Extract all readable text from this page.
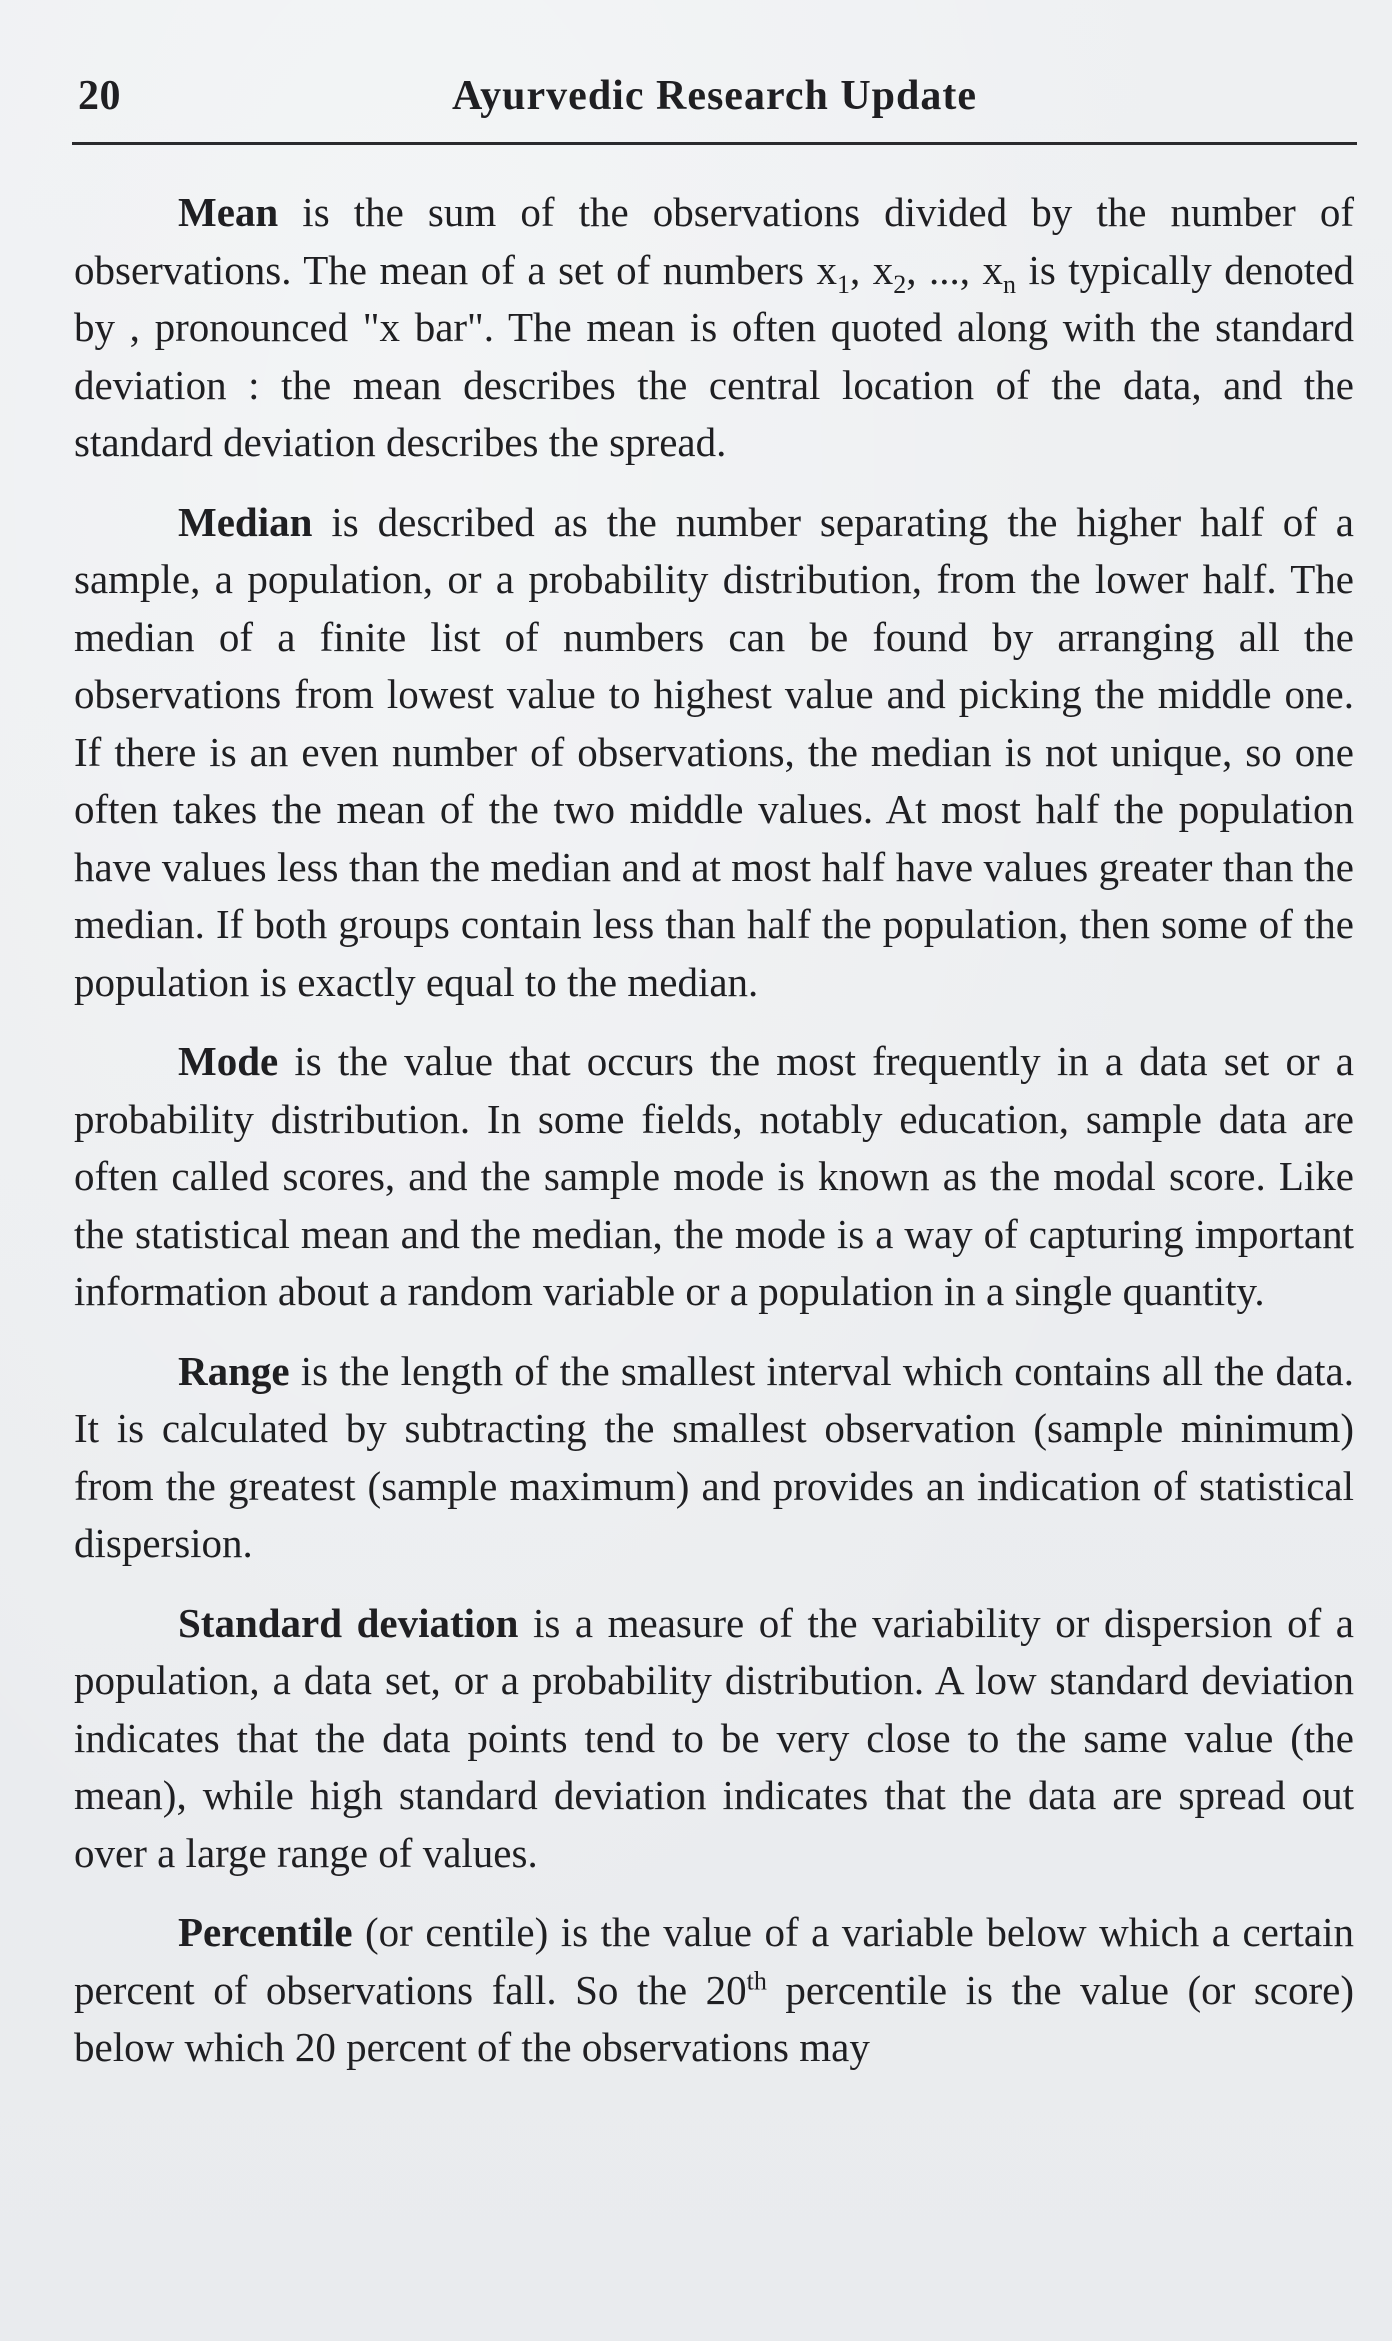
20	Ayurvedic Research Update

Mean is the sum of the observations divided by the number of observations. The mean of a set of numbers $x_1$, $x_2$, ..., $x_n$ is typically denoted by , pronounced "x bar". The mean is often quoted along with the standard deviation : the mean describes the central location of the data, and the standard deviation describes the spread.

Median is described as the number separating the higher half of a sample, a population, or a probability distribution, from the lower half. The median of a finite list of numbers can be found by arranging all the observations from lowest value to highest value and picking the middle one. If there is an even number of observations, the median is not unique, so one often takes the mean of the two middle values. At most half the population have values less than the median and at most half have values greater than the median. If both groups contain less than half the population, then some of the population is exactly equal to the median.

Mode is the value that occurs the most frequently in a data set or a probability distribution. In some fields, notably education, sample data are often called scores, and the sample mode is known as the modal score. Like the statistical mean and the median, the mode is a way of capturing important information about a random variable or a population in a single quantity.

Range is the length of the smallest interval which contains all the data. It is calculated by subtracting the smallest observation (sample minimum) from the greatest (sample maximum) and provides an indication of statistical dispersion.

Standard deviation is a measure of the variability or dispersion of a population, a data set, or a probability distribution. A low standard deviation indicates that the data points tend to be very close to the same value (the mean), while high standard deviation indicates that the data are spread out over a large range of values.

Percentile (or centile) is the value of a variable below which a certain percent of observations fall. So the 20th percentile is the value (or score) below which 20 percent of the observations may
